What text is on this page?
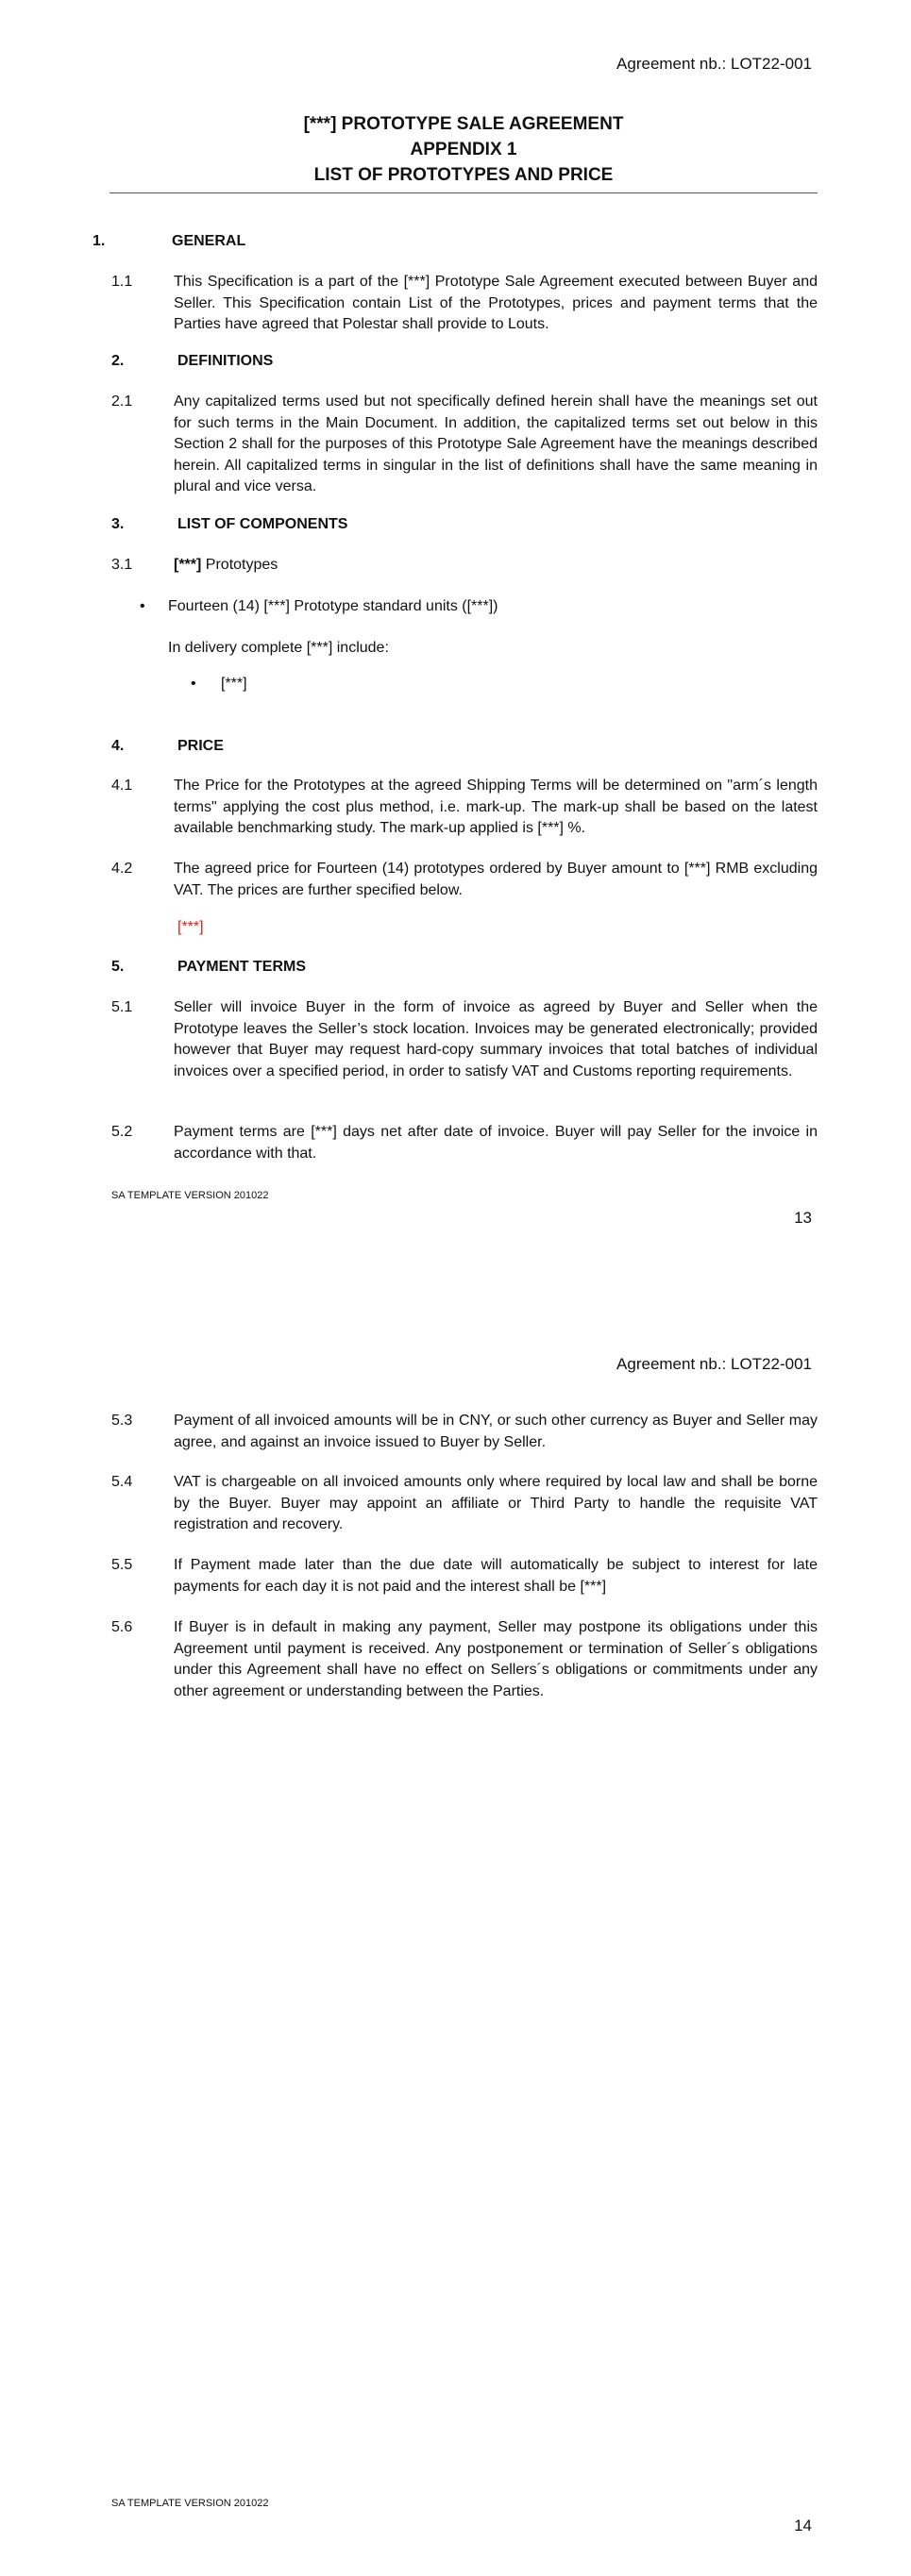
Agreement nb.: LOT22-001
[***] PROTOTYPE SALE AGREEMENT
APPENDIX 1
LIST OF PROTOTYPES AND PRICE
1.	GENERAL
1.1	This Specification is a part of the [***] Prototype Sale Agreement executed between Buyer and Seller. This Specification contain List of the Prototypes, prices and payment terms that the Parties have agreed that Polestar shall provide to Louts.
2.	DEFINITIONS
2.1	Any capitalized terms used but not specifically defined herein shall have the meanings set out for such terms in the Main Document. In addition, the capitalized terms set out below in this Section 2 shall for the purposes of this Prototype Sale Agreement have the meanings described herein. All capitalized terms in singular in the list of definitions shall have the same meaning in plural and vice versa.
3.	LIST OF COMPONENTS
3.1	[***] Prototypes
• Fourteen (14) [***] Prototype standard units ([***])
In delivery complete [***] include:
• [***]
4.	PRICE
4.1	The Price for the Prototypes at the agreed Shipping Terms will be determined on "arm´s length terms" applying the cost plus method, i.e. mark-up. The mark-up shall be based on the latest available benchmarking study. The mark-up applied is [***] %.
4.2	The agreed price for Fourteen (14) prototypes ordered by Buyer amount to [***] RMB excluding VAT. The prices are further specified below.
[***]
5.	PAYMENT TERMS
5.1	Seller will invoice Buyer in the form of invoice as agreed by Buyer and Seller when the Prototype leaves the Seller’s stock location. Invoices may be generated electronically; provided however that Buyer may request hard-copy summary invoices that total batches of individual invoices over a specified period, in order to satisfy VAT and Customs reporting requirements.
5.2	Payment terms are [***] days net after date of invoice. Buyer will pay Seller for the invoice in accordance with that.
SA TEMPLATE VERSION 201022
13
Agreement nb.: LOT22-001
5.3	Payment of all invoiced amounts will be in CNY, or such other currency as Buyer and Seller may agree, and against an invoice issued to Buyer by Seller.
5.4	VAT is chargeable on all invoiced amounts only where required by local law and shall be borne by the Buyer. Buyer may appoint an affiliate or Third Party to handle the requisite VAT registration and recovery.
5.5	If Payment made later than the due date will automatically be subject to interest for late payments for each day it is not paid and the interest shall be [***]
5.6	If Buyer is in default in making any payment, Seller may postpone its obligations under this Agreement until payment is received. Any postponement or termination of Seller´s obligations under this Agreement shall have no effect on Sellers´s obligations or commitments under any other agreement or understanding between the Parties.
SA TEMPLATE VERSION 201022
14
